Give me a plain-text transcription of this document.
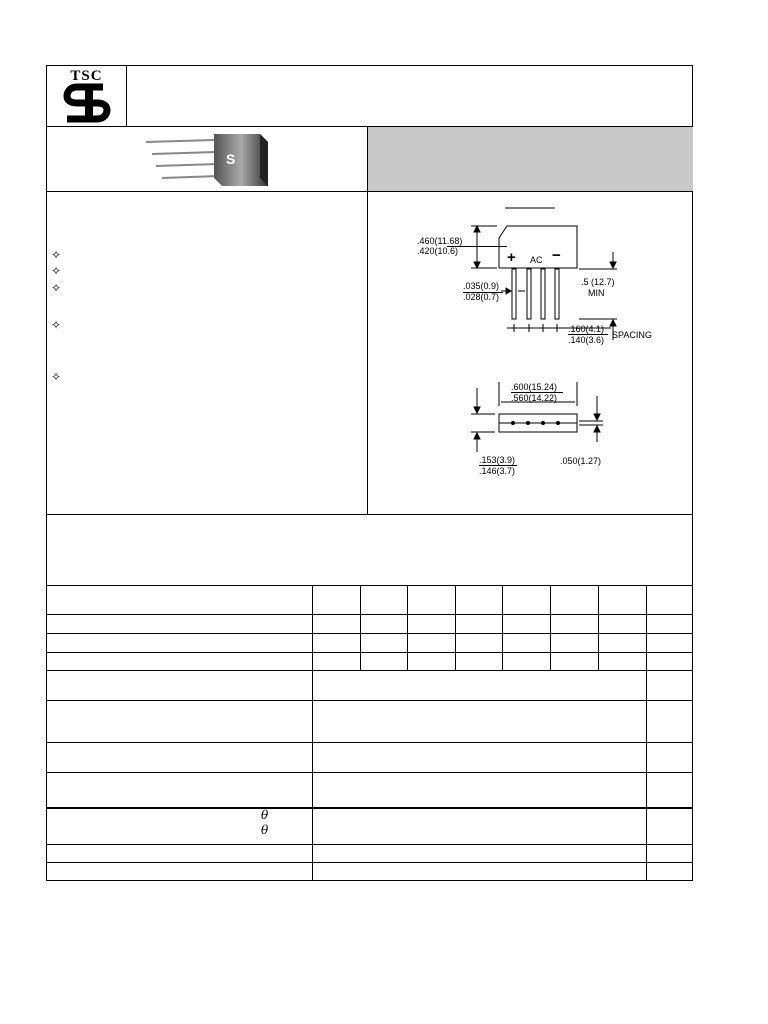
TSC
S
✧
✧
✧
✧
✧
.460(11.68)
.420(10.6)	+ AC −
.5 (12.7)
MIN
.035(0.9)
.028(0.7)
.160(4.1)
.140(3.6) SPACING
.600(15.24)
.560(14.22)
.153(3.9)
.146(3.7)
.050(1.27)
θ
θ
